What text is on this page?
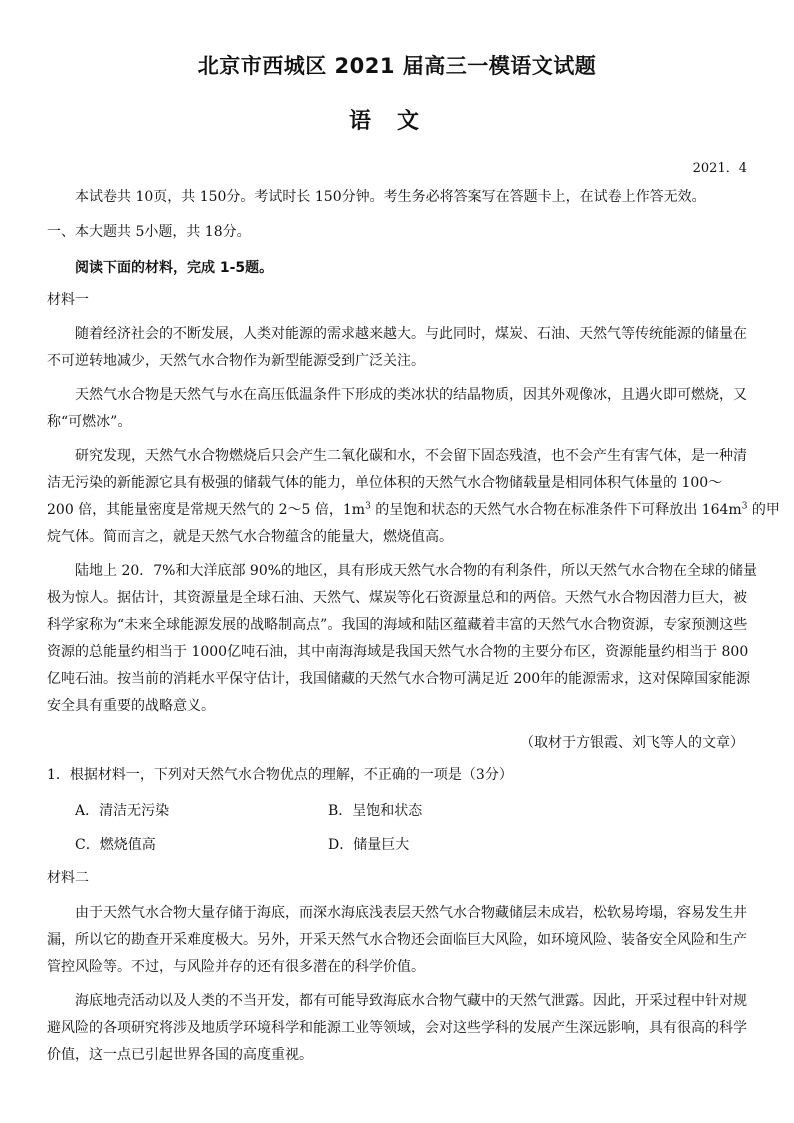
北京市西城区 2021 届高三一模语文试题
语文
2021．4
本试卷共 10页，共 150分。考试时长 150分钟。考生务必将答案写在答题卡上，在试卷上作答无效。
一、本大题共 5小题，共 18分。
阅读下面的材料，完成 1-5题。
材料一
随着经济社会的不断发展，人类对能源的需求越来越大。与此同时，煤炭、石油、天然气等传统能源的储量在
不可逆转地减少，天然气水合物作为新型能源受到广泛关注。
天然气水合物是天然气与水在高压低温条件下形成的类冰状的结晶物质，因其外观像冰，且遇火即可燃烧，又
称“可燃冰”。
研究发现，天然气水合物燃烧后只会产生二氧化碳和水，不会留下固态残渣，也不会产生有害气体，是一种清
洁无污染的新能源它具有极强的储载气体的能力，单位体积的天然气水合物储载量是相同体积气体量的 100～
200 倍，其能量密度是常规天然气的 2～5 倍，$1m^3$ 的呈饱和状态的天然气水合物在标准条件下可释放出 $164m^3$ 的甲
烷气体。简而言之，就是天然气水合物蕴含的能量大，燃烧值高。
陆地上 20．7%和大洋底部 90%的地区，具有形成天然气水合物的有利条件，所以天然气水合物在全球的储量
极为惊人。据估计，其资源量是全球石油、天然气、煤炭等化石资源量总和的两倍。天然气水合物因潜力巨大，被
科学家称为“未来全球能源发展的战略制高点”。我国的海域和陆区蕴藏着丰富的天然气水合物资源，专家预测这些
资源的总能量约相当于 1000亿吨石油，其中南海海域是我国天然气水合物的主要分布区，资源能量约相当于 800
亿吨石油。按当前的消耗水平保守估计，我国储藏的天然气水合物可满足近 200年的能源需求，这对保障国家能源
安全具有重要的战略意义。
（取材于方银霞、刘飞等人的文章）
1．根据材料一，下列对天然气水合物优点的理解，不正确的一项是（3分）
A．清洁无污染	B．呈饱和状态
C．燃烧值高	D．储量巨大
材料二
由于天然气水合物大量存储于海底，而深水海底浅表层天然气水合物藏储层未成岩，松软易垮塌，容易发生井
漏，所以它的勘查开采难度极大。另外，开采天然气水合物还会面临巨大风险，如环境风险、装备安全风险和生产
管控风险等。不过，与风险并存的还有很多潜在的科学价值。
海底地壳活动以及人类的不当开发，都有可能导致海底水合物气藏中的天然气泄露。因此，开采过程中针对规
避风险的各项研究将涉及地质学环境科学和能源工业等领域，会对这些学科的发展产生深远影响，具有很高的科学
价值，这一点已引起世界各国的高度重视。
